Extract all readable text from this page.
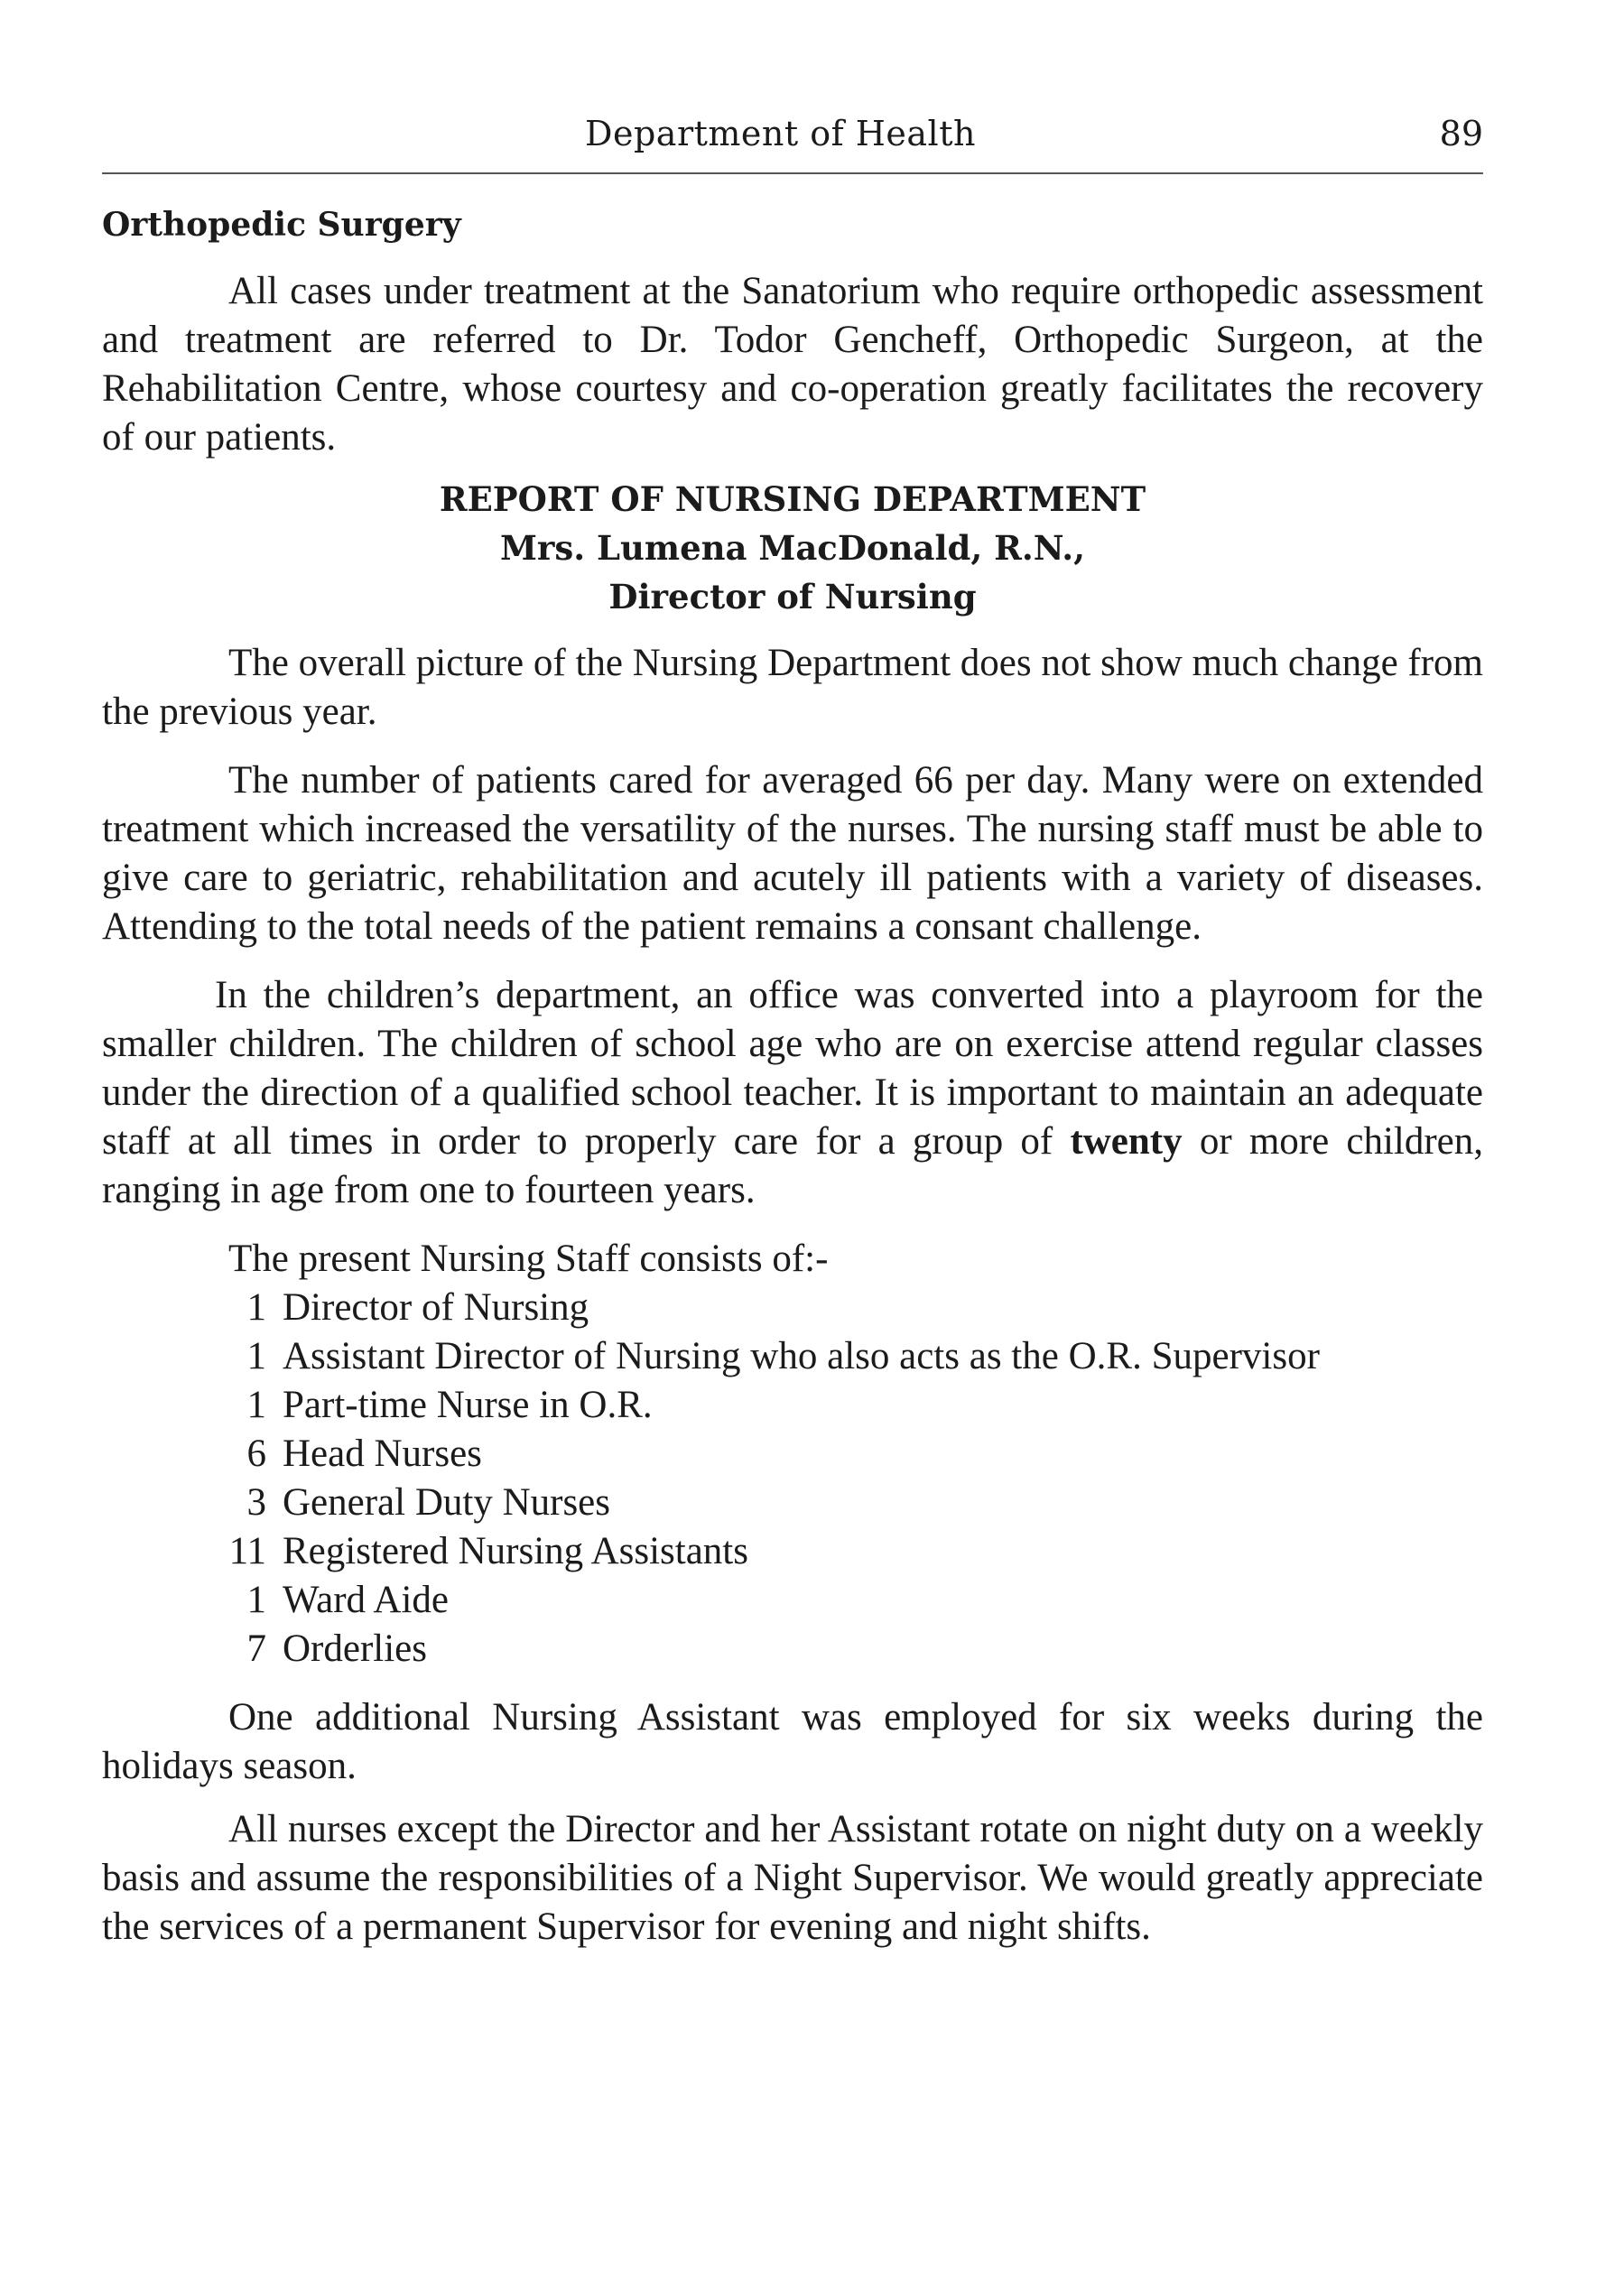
Department of Health	89
Orthopedic Surgery

All cases under treatment at the Sanatorium who require orthopedic assessment and treatment are referred to Dr. Todor Gencheff, Orthopedic Surgeon, at the Rehabilitation Centre, whose courtesy and co-operation greatly facilitates the recovery of our patients.

REPORT OF NURSING DEPARTMENT
Mrs. Lumena MacDonald, R.N.,
Director of Nursing

The overall picture of the Nursing Department does not show much change from the previous year.

The number of patients cared for averaged 66 per day. Many were on extended treatment which increased the versatility of the nurses. The nursing staff must be able to give care to geriatric, rehabilitation and acutely ill patients with a variety of diseases. Attending to the total needs of the patient remains a consant challenge.

In the children’s department, an office was converted into a playroom for the smaller children. The children of school age who are on exercise attend regular classes under the direction of a qualified school teacher. It is important to maintain an adequate staff at all times in order to properly care for a group of twenty or more children, ranging in age from one to fourteen years.

The present Nursing Staff consists of:-
1 Director of Nursing
1 Assistant Director of Nursing who also acts as the O.R. Supervisor
1 Part-time Nurse in O.R.
6 Head Nurses
3 General Duty Nurses
11 Registered Nursing Assistants
1 Ward Aide
7 Orderlies

One additional Nursing Assistant was employed for six weeks during the holidays season.

All nurses except the Director and her Assistant rotate on night duty on a weekly basis and assume the responsibilities of a Night Supervisor. We would greatly appreciate the services of a permanent Supervisor for evening and night shifts.
